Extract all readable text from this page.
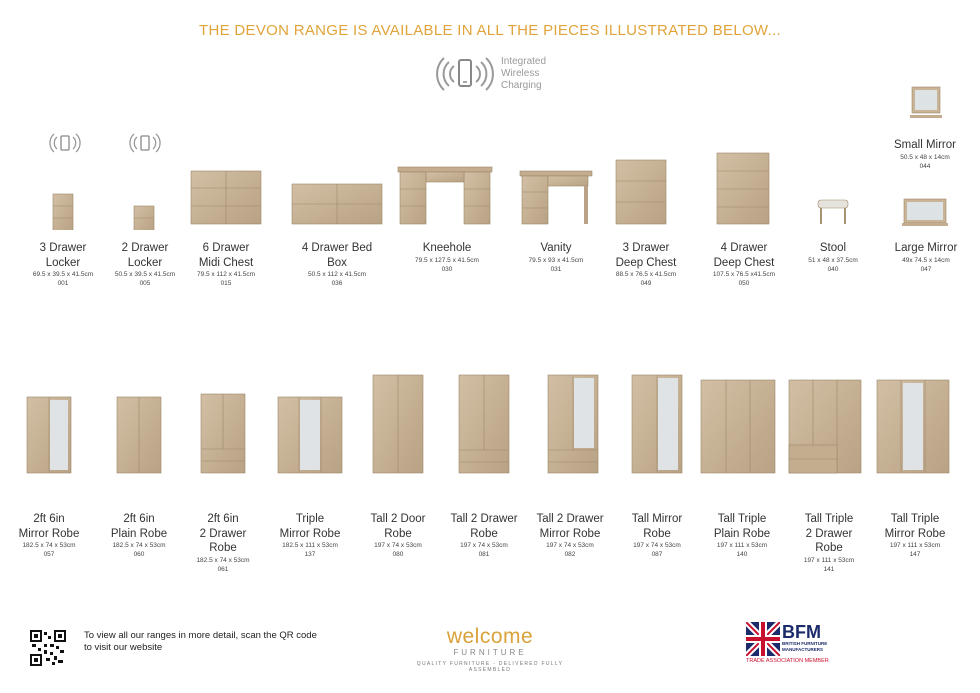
THE DEVON RANGE IS AVAILABLE IN ALL THE PIECES ILLUSTRATED BELOW...
Integrated
Wireless
Charging
Small Mirror
50.5 x 48 x 14cm
044
3 Drawer
Locker
69.5 x 39.5 x 41.5cm
001
2 Drawer
Locker
50.5 x 39.5 x 41.5cm
005
6 Drawer
Midi Chest
79.5 x 112 x 41.5cm
015
4 Drawer Bed
Box
50.5 x 112 x 41.5cm
036
Kneehole
79.5 x 127.5 x 41.5cm
030
Vanity
79.5 x 93 x 41.5cm
031
3 Drawer
Deep Chest
88.5 x 76.5 x 41.5cm
049
4 Drawer
Deep Chest
107.5 x 76.5 x41.5cm
050
Stool
51 x 48 x 37.5cm
040
Large Mirror
49x 74.5 x 14cm
047
2ft 6in
Mirror Robe
182.5 x 74 x 53cm
057
2ft 6in
Plain Robe
182.5 x 74 x 53cm
060
2ft 6in
2 Drawer
Robe
182.5 x 74 x 53cm
061
Triple
Mirror Robe
182.5 x 111 x 53cm
137
Tall 2 Door
Robe
197 x 74 x 53cm
080
Tall 2 Drawer
Robe
197 x 74 x 53cm
081
Tall 2 Drawer
Mirror Robe
197 x 74 x 53cm
082
Tall Mirror
Robe
197 x 74 x 53cm
087
Tall Triple
Plain Robe
197 x 111 x 53cm
140
Tall Triple
2 Drawer
Robe
197 x 111 x 53cm
141
Tall Triple
Mirror Robe
197 x 111 x 53cm
147
To view all our ranges in more detail, scan the QR code
to visit our website	welcome
FURNITURE
QUALITY FURNITURE - DELIVERED FULLY ASSEMBLED
BFM
BRITISH FURNITURE
MANUFACTURERS
TRADE ASSOCIATION MEMBER
